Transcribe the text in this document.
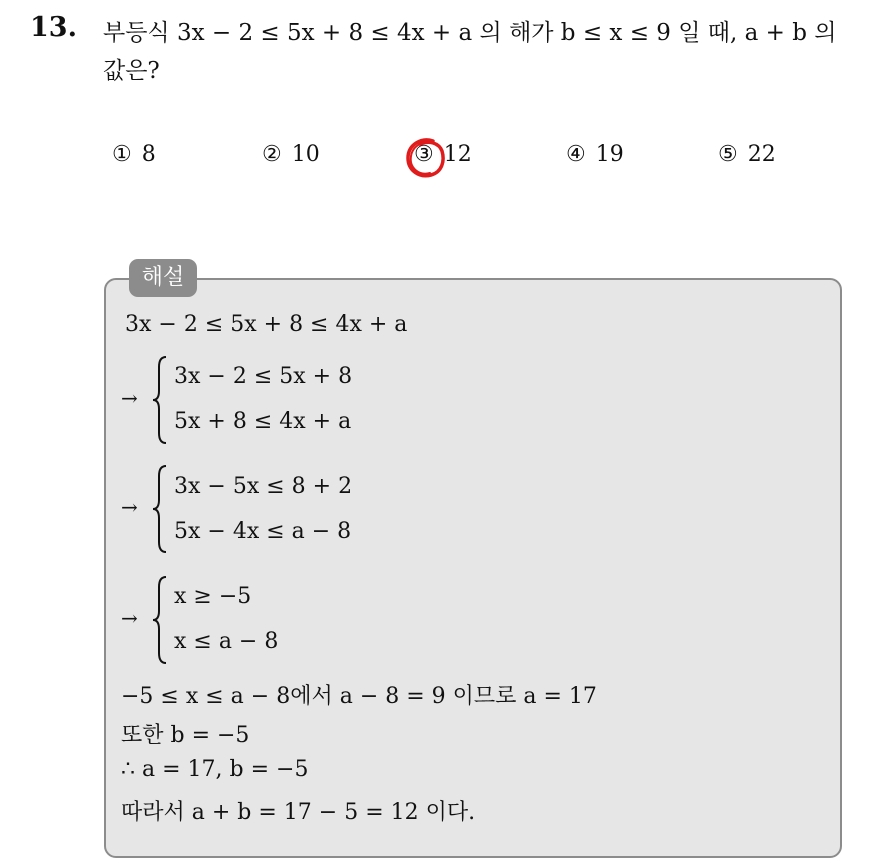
13. 부등식 3x − 2 ≤ 5x + 8 ≤ 4x + a 의 해가 b ≤ x ≤ 9 일 때, a + b 의
값은?
① 8	② 10	③ 12	④ 19	⑤ 22
해설
3x − 2 ≤ 5x + 8 ≤ 4x + a
→
3x − 2 ≤ 5x + 8
5x + 8 ≤ 4x + a
→
3x − 5x ≤ 8 + 2
5x − 4x ≤ a − 8
→
x ≥ −5
x ≤ a − 8
−5 ≤ x ≤ a − 8에서 a − 8 = 9 이므로 a = 17
또한 b = −5
∴ a = 17, b = −5
따라서 a + b = 17 − 5 = 12 이다.
